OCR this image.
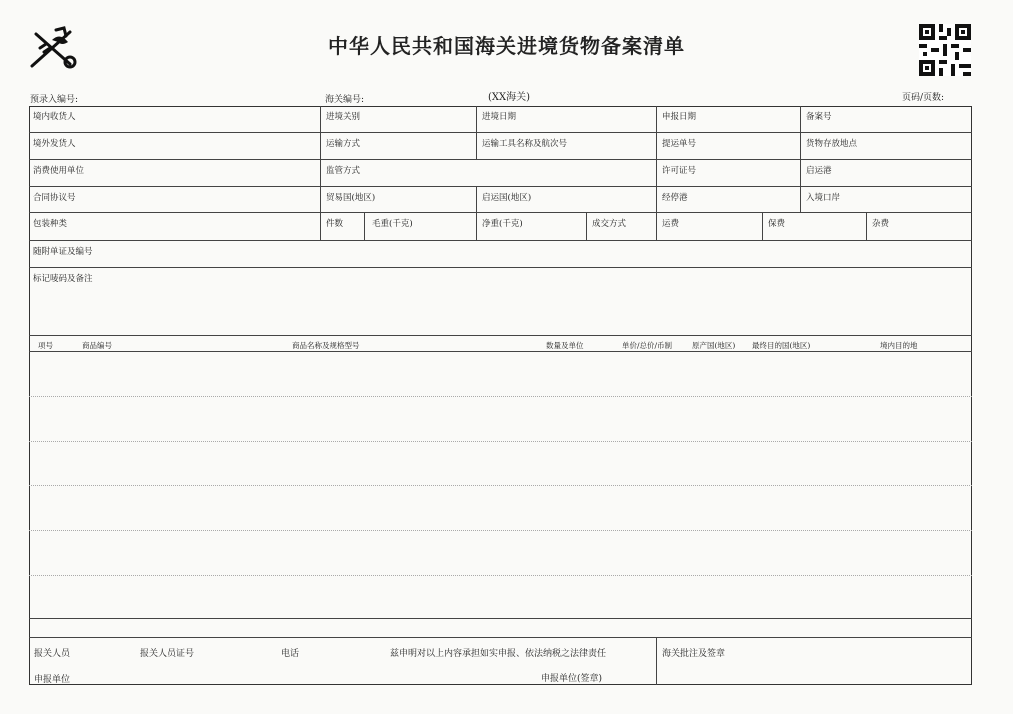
中华人民共和国海关进境货物备案清单
预录入编号:	海关编号:	(XX海关)	页码/页数:
境内收货人	进境关别	进境日期	申报日期	备案号
境外发货人	运输方式	运输工具名称及航次号	提运单号	货物存放地点
消费使用单位	监管方式	许可证号	启运港
合同协议号	贸易国(地区)	启运国(地区)	经停港	入境口岸
包装种类	件数	毛重(千克)	净重(千克)	成交方式	运费	保费	杂费
随附单证及编号
标记唛码及备注
项号	商品编号	商品名称及规格型号	数量及单位	单价/总价/币制	原产国(地区) 最终目的国(地区)	境内目的地
报关人员	报关人员证号	电话	兹申明对以上内容承担如实申报、依法纳税之法律责任	海关批注及签章
申报单位	申报单位(签章)
